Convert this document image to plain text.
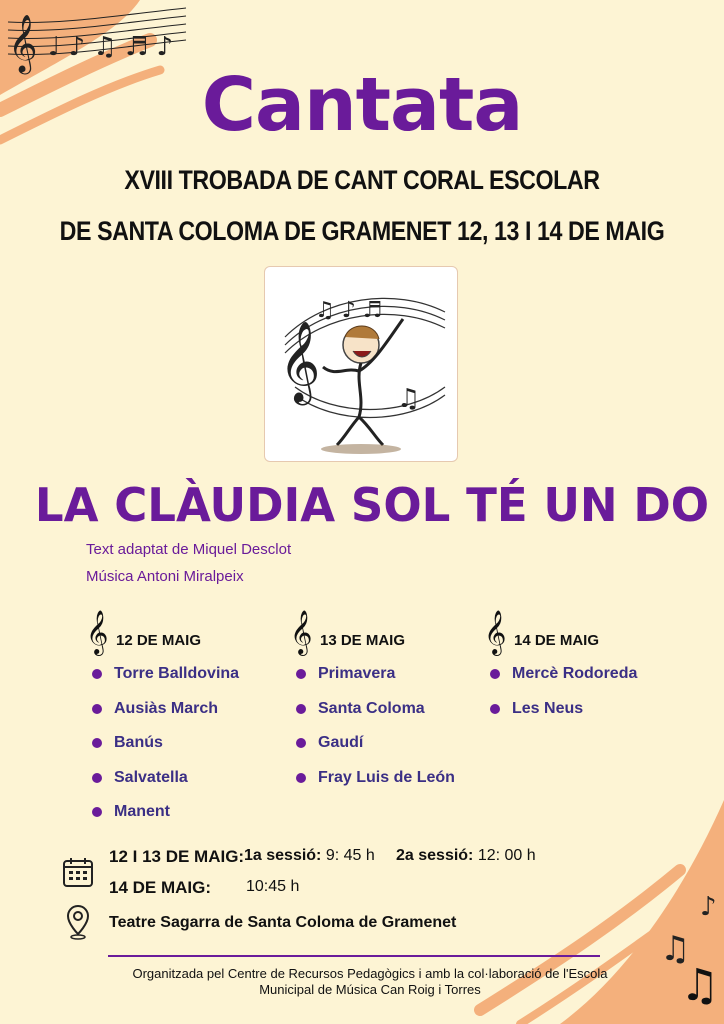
𝄞 ♩ ♪ ♫ ♬ ♪
♪
♫
♫
Cantata
XVIII TROBADA DE CANT CORAL ESCOLAR
DE SANTA COLOMA DE GRAMENET 12, 13 I 14 DE MAIG
𝄞
♫ ♪ ♬
♫
LA CLÀUDIA SOL TÉ UN DO
Text adaptat de Miquel Desclot
Música Antoni Miralpeix
𝄞 12 DE MAIG
Torre Balldovina
Ausiàs March
Banús
Salvatella
Manent
𝄞 13 DE MAIG
Primavera
Santa Coloma
Gaudí
Fray Luis de León
𝄞 14 DE MAIG
Mercè Rodoreda
Les Neus
12 I 13 DE MAIG: 1a sessió: 9: 45 h 2a sessió: 12: 00 h
14 DE MAIG: 10:45 h
Teatre Sagarra de Santa Coloma de Gramenet
Organitzada pel Centre de Recursos Pedagògics i amb la col·laboració de l'Escola
Municipal de Música Can Roig i Torres
